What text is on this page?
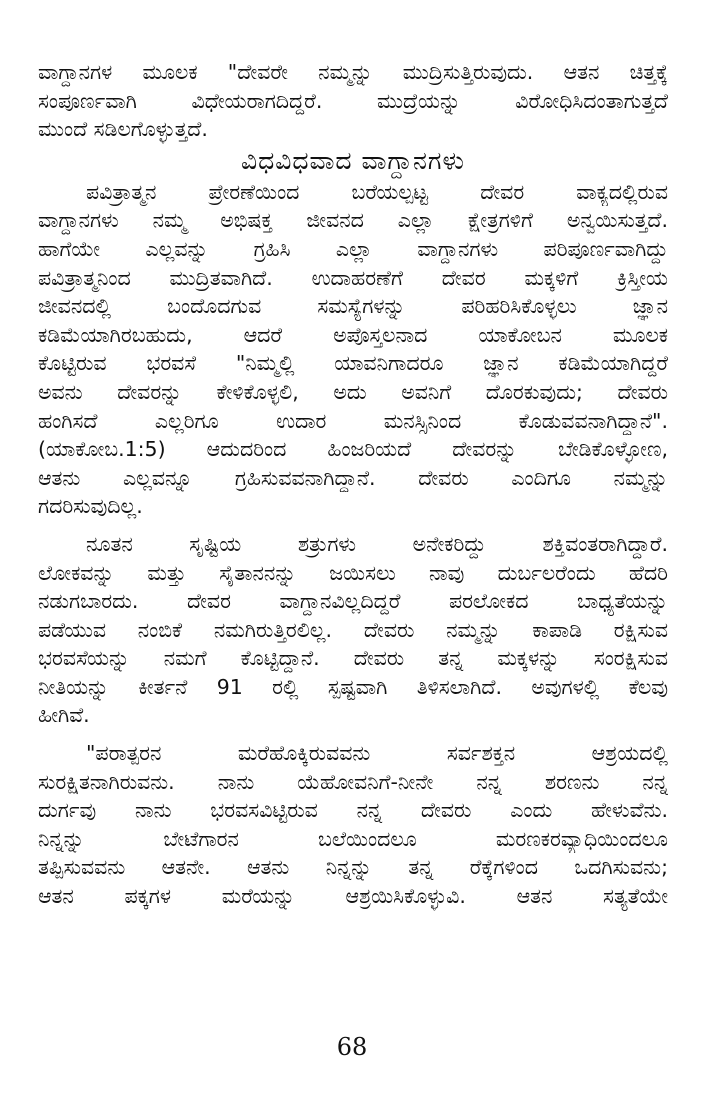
ವಾಗ್ದಾನಗಳ ಮೂಲಕ "ದೇವರೇ ನಮ್ಮನ್ನು ಮುದ್ರಿಸುತ್ತಿರುವುದು. ಆತನ ಚಿತ್ತಕ್ಕೆ
ಸಂಪೂರ್ಣವಾಗಿ ವಿಧೇಯರಾಗದಿದ್ದರೆ. ಮುದ್ರೆಯನ್ನು ವಿರೋಧಿಸಿದಂತಾಗುತ್ತದೆ
ಮುಂದೆ ಸಡಿಲಗೊಳ್ಳುತ್ತದೆ.
ವಿಧವಿಧವಾದ ವಾಗ್ದಾನಗಳು
ಪವಿತ್ರಾತ್ಮನ ಪ್ರೇರಣೆಯಿಂದ ಬರೆಯಲ್ಪಟ್ಟ ದೇವರ ವಾಕ್ಯದಲ್ಲಿರುವ
ವಾಗ್ದಾನಗಳು ನಮ್ಮ ಅಭಿಷಕ್ತ ಜೀವನದ ಎಲ್ಲಾ ಕ್ಷೇತ್ರಗಳಿಗೆ ಅನ್ವಯಿಸುತ್ತದೆ.
ಹಾಗೆಯೇ ಎಲ್ಲವನ್ನು ಗ್ರಹಿಸಿ ಎಲ್ಲಾ ವಾಗ್ದಾನಗಳು ಪರಿಪೂರ್ಣವಾಗಿದ್ದು
ಪವಿತ್ರಾತ್ಮನಿಂದ ಮುದ್ರಿತವಾಗಿದೆ. ಉದಾಹರಣೆಗೆ ದೇವರ ಮಕ್ಕಳಿಗೆ ಕ್ರಿಸ್ತೀಯ
ಜೀವನದಲ್ಲಿ ಬಂದೊದಗುವ ಸಮಸ್ಯೆಗಳನ್ನು ಪರಿಹರಿಸಿಕೊಳ್ಳಲು ಜ್ಞಾನ
ಕಡಿಮೆಯಾಗಿರಬಹುದು, ಆದರೆ ಅಪೊಸ್ತಲನಾದ ಯಾಕೋಬನ ಮೂಲಕ
ಕೊಟ್ಟಿರುವ ಭರವಸೆ "ನಿಮ್ಮಲ್ಲಿ ಯಾವನಿಗಾದರೂ ಜ್ಞಾನ ಕಡಿಮೆಯಾಗಿದ್ದರೆ
ಅವನು ದೇವರನ್ನು ಕೇಳಿಕೊಳ್ಳಲಿ, ಅದು ಅವನಿಗೆ ದೊರಕುವುದು; ದೇವರು
ಹಂಗಿಸದೆ ಎಲ್ಲರಿಗೂ ಉದಾರ ಮನಸ್ಸಿನಿಂದ ಕೊಡುವವನಾಗಿದ್ದಾನೆ".
(ಯಾಕೋಬ.1:5) ಆದುದರಿಂದ ಹಿಂಜರಿಯದೆ ದೇವರನ್ನು ಬೇಡಿಕೊಳ್ಳೋಣ,
ಆತನು ಎಲ್ಲವನ್ನೂ ಗ್ರಹಿಸುವವನಾಗಿದ್ದಾನೆ. ದೇವರು ಎಂದಿಗೂ ನಮ್ಮನ್ನು
ಗದರಿಸುವುದಿಲ್ಲ.
ನೂತನ ಸೃಷ್ಟಿಯ ಶತ್ರುಗಳು ಅನೇಕರಿದ್ದು ಶಕ್ತಿವಂತರಾಗಿದ್ದಾರೆ.
ಲೋಕವನ್ನು ಮತ್ತು ಸೈತಾನನನ್ನು ಜಯಿಸಲು ನಾವು ದುರ್ಬಲರೆಂದು ಹೆದರಿ
ನಡುಗಬಾರದು. ದೇವರ ವಾಗ್ದಾನವಿಲ್ಲದಿದ್ದರೆ ಪರಲೋಕದ ಬಾಧ್ಯತೆಯನ್ನು
ಪಡೆಯುವ ನಂಬಿಕೆ ನಮಗಿರುತ್ತಿರಲಿಲ್ಲ. ದೇವರು ನಮ್ಮನ್ನು ಕಾಪಾಡಿ ರಕ್ಷಿಸುವ
ಭರವಸೆಯನ್ನು ನಮಗೆ ಕೊಟ್ಟಿದ್ದಾನೆ. ದೇವರು ತನ್ನ ಮಕ್ಕಳನ್ನು ಸಂರಕ್ಷಿಸುವ
ನೀತಿಯನ್ನು ಕೀರ್ತನೆ 91 ರಲ್ಲಿ ಸ್ಪಷ್ಟವಾಗಿ ತಿಳಿಸಲಾಗಿದೆ. ಅವುಗಳಲ್ಲಿ ಕೆಲವು
ಹೀಗಿವೆ.
"ಪರಾತ್ಪರನ ಮರೆಹೊಕ್ಕಿರುವವನು ಸರ್ವಶಕ್ತನ ಆಶ್ರಯದಲ್ಲಿ
ಸುರಕ್ಷಿತನಾಗಿರುವನು. ನಾನು ಯೆಹೋವನಿಗೆ-ನೀನೇ ನನ್ನ ಶರಣನು ನನ್ನ
ದುರ್ಗವು ನಾನು ಭರವಸವಿಟ್ಟಿರುವ ನನ್ನ ದೇವರು ಎಂದು ಹೇಳುವೆನು.
ನಿನ್ನನ್ನು ಬೇಟೆಗಾರನ ಬಲೆಯಿಂದಲೂ ಮರಣಕರವ್ಯಾಧಿಯಿಂದಲೂ
ತಪ್ಪಿಸುವವನು ಆತನೇ. ಆತನು ನಿನ್ನನ್ನು ತನ್ನ ರೆಕ್ಕೆಗಳಿಂದ ಒದಗಿಸುವನು;
ಆತನ ಪಕ್ಕಗಳ ಮರೆಯನ್ನು ಆಶ್ರಯಿಸಿಕೊಳ್ಳುವಿ. ಆತನ ಸತ್ಯತೆಯೇ
68
